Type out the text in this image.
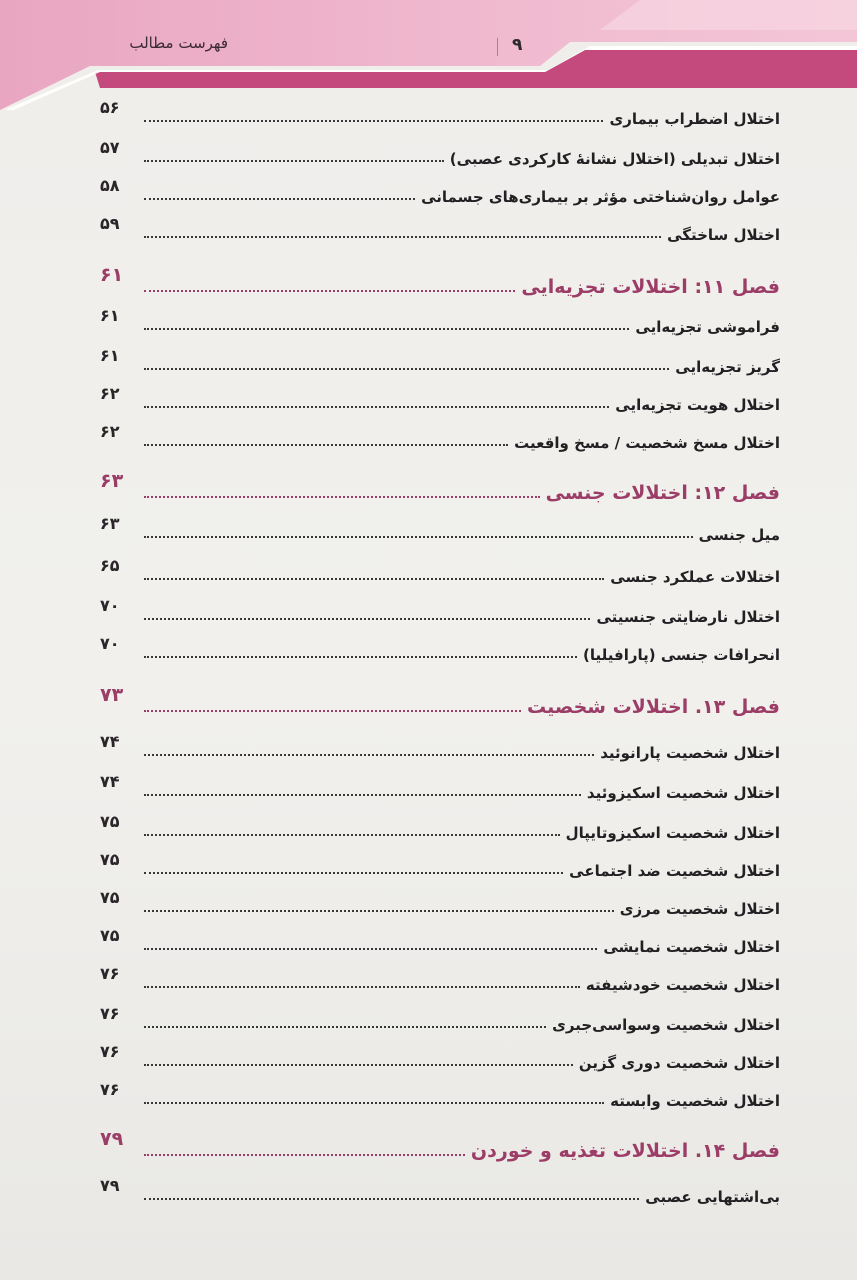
فهرست مطالب	۹
اختلال اضطراب بیماری
۵۶
اختلال تبدیلی (اختلال نشانهٔ کارکردی عصبی)
۵۷
عوامل روان‌شناختی مؤثر بر بیماری‌های جسمانی
۵۸
اختلال ساختگی
۵۹
فصل ۱۱: اختلالات تجزیه‌ایی
۶۱
فراموشی تجزیه‌ایی
۶۱
گریز تجزیه‌ایی
۶۱
اختلال هویت تجزیه‌ایی
۶۲
اختلال مسخ شخصیت / مسخ واقعیت
۶۲
فصل ۱۲: اختلالات جنسی
۶۳
میل جنسی
۶۳
اختلالات عملکرد جنسی
۶۵
اختلال نارضایتی جنسیتی
۷۰
انحرافات جنسی (پارافیلیا)
۷۰
فصل ۱۳. اختلالات شخصیت
۷۳
اختلال شخصیت پارانوئید
۷۴
اختلال شخصیت اسکیزوئید
۷۴
اختلال شخصیت اسکیزوتایپال
۷۵
اختلال شخصیت ضد اجتماعی
۷۵
اختلال شخصیت مرزی
۷۵
اختلال شخصیت نمایشی
۷۵
اختلال شخصیت خودشیفته
۷۶
اختلال شخصیت وسواسی‌جبری
۷۶
اختلال شخصیت دوری گزین
۷۶
اختلال شخصیت وابسته
۷۶
فصل ۱۴. اختلالات تغذیه و خوردن
۷۹
بی‌اشتهایی عصبی
۷۹
